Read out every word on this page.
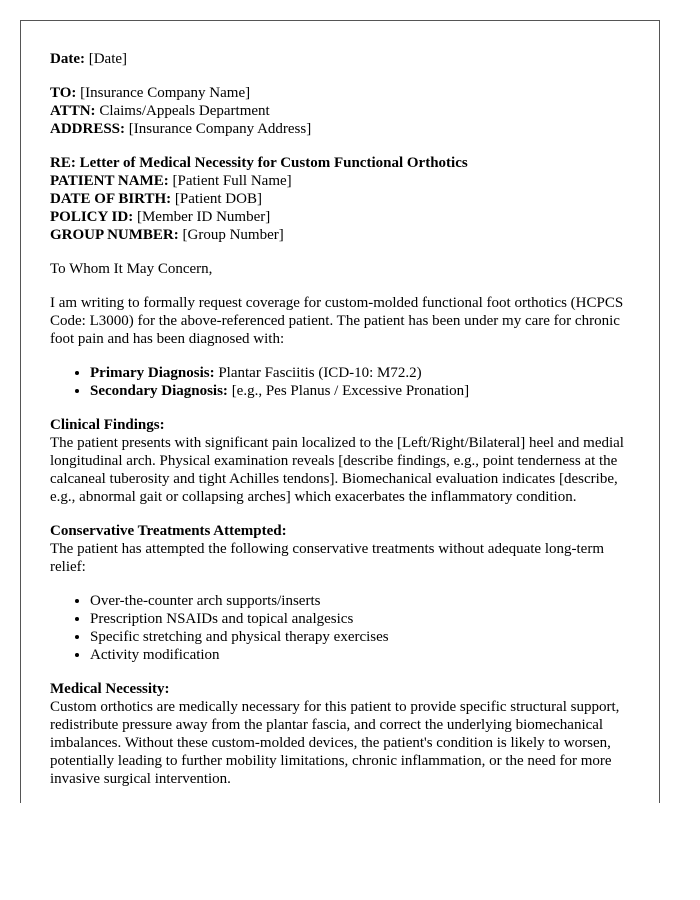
Date: [Date]

TO: [Insurance Company Name]
ATTN: Claims/Appeals Department
ADDRESS: [Insurance Company Address]

RE: Letter of Medical Necessity for Custom Functional Orthotics
PATIENT NAME: [Patient Full Name]
DATE OF BIRTH: [Patient DOB]
POLICY ID: [Member ID Number]
GROUP NUMBER: [Group Number]

To Whom It May Concern,

I am writing to formally request coverage for custom-molded functional foot orthotics (HCPCS Code: L3000) for the above-referenced patient. The patient has been under my care for chronic foot pain and has been diagnosed with:

• Primary Diagnosis: Plantar Fasciitis (ICD-10: M72.2)
• Secondary Diagnosis: [e.g., Pes Planus / Excessive Pronation]

Clinical Findings:
The patient presents with significant pain localized to the [Left/Right/Bilateral] heel and medial longitudinal arch. Physical examination reveals [describe findings, e.g., point tenderness at the calcaneal tuberosity and tight Achilles tendons]. Biomechanical evaluation indicates [describe, e.g., abnormal gait or collapsing arches] which exacerbates the inflammatory condition.

Conservative Treatments Attempted:
The patient has attempted the following conservative treatments without adequate long-term relief:

• Over-the-counter arch supports/inserts
• Prescription NSAIDs and topical analgesics
• Specific stretching and physical therapy exercises
• Activity modification

Medical Necessity:
Custom orthotics are medically necessary for this patient to provide specific structural support, redistribute pressure away from the plantar fascia, and correct the underlying biomechanical imbalances. Without these custom-molded devices, the patient's condition is likely to worsen, potentially leading to further mobility limitations, chronic inflammation, or the need for more invasive surgical intervention.
